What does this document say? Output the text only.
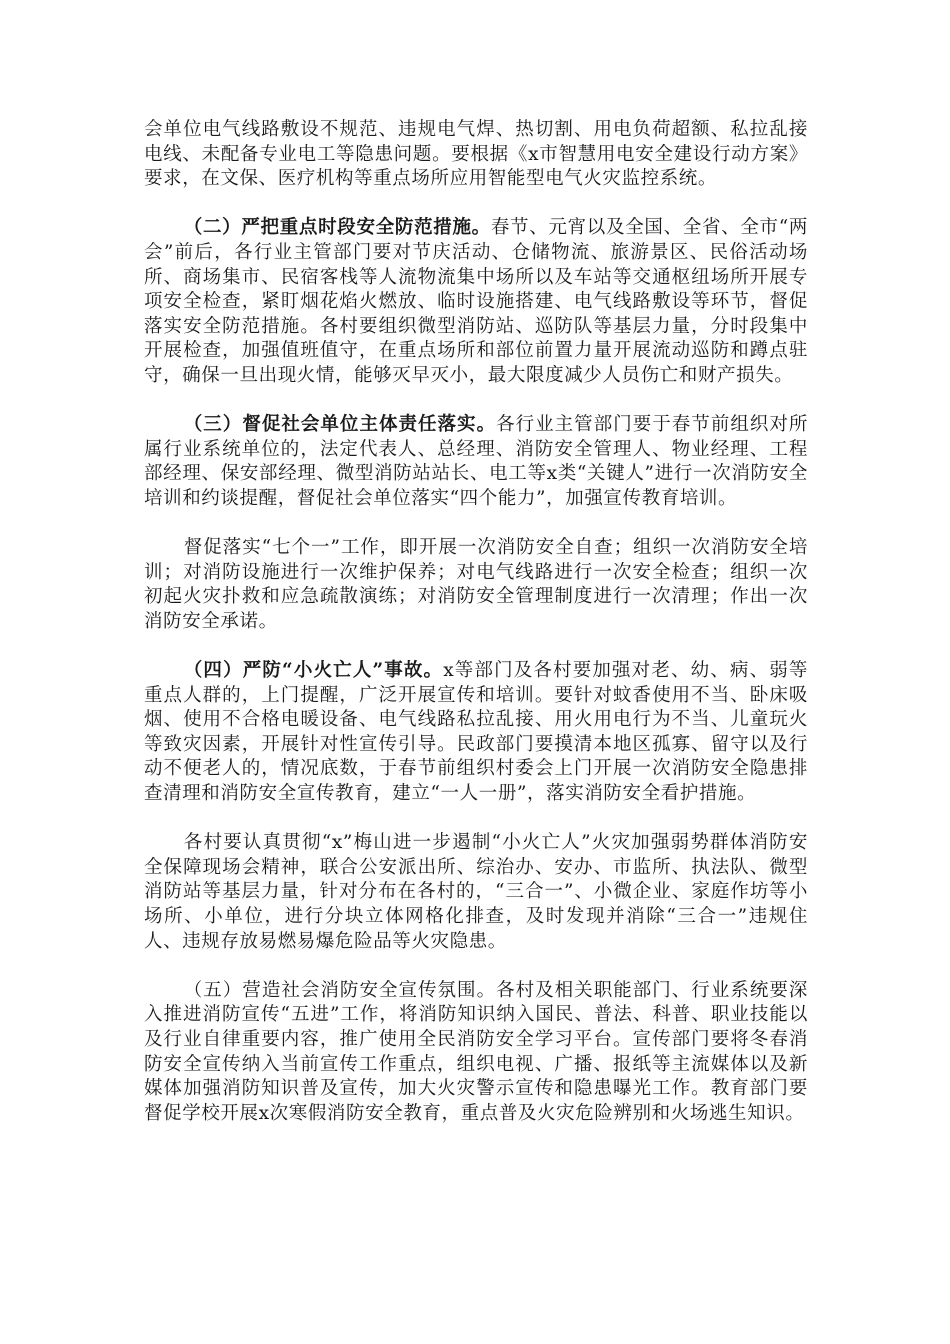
会单位电气线路敷设不规范、违规电气焊、热切割、用电负荷超额、私拉乱接电线、未配备专业电工等隐患问题。要根据《x市智慧用电安全建设行动方案》要求，在文保、医疗机构等重点场所应用智能型电气火灾监控系统。

（二）严把重点时段安全防范措施。春节、元宵以及全国、全省、全市“两会”前后，各行业主管部门要对节庆活动、仓储物流、旅游景区、民俗活动场所、商场集市、民宿客栈等人流物流集中场所以及车站等交通枢纽场所开展专项安全检查，紧盯烟花焰火燃放、临时设施搭建、电气线路敷设等环节，督促落实安全防范措施。各村要组织微型消防站、巡防队等基层力量，分时段集中开展检查，加强值班值守，在重点场所和部位前置力量开展流动巡防和蹲点驻守，确保一旦出现火情，能够灭早灭小，最大限度减少人员伤亡和财产损失。

（三）督促社会单位主体责任落实。各行业主管部门要于春节前组织对所属行业系统单位的，法定代表人、总经理、消防安全管理人、物业经理、工程部经理、保安部经理、微型消防站站长、电工等x类“关键人”进行一次消防安全培训和约谈提醒，督促社会单位落实“四个能力”，加强宣传教育培训。

督促落实“七个一”工作，即开展一次消防安全自查；组织一次消防安全培训；对消防设施进行一次维护保养；对电气线路进行一次安全检查；组织一次初起火灾扑救和应急疏散演练；对消防安全管理制度进行一次清理；作出一次消防安全承诺。

（四）严防“小火亡人”事故。x等部门及各村要加强对老、幼、病、弱等重点人群的，上门提醒，广泛开展宣传和培训。要针对蚊香使用不当、卧床吸烟、使用不合格电暖设备、电气线路私拉乱接、用火用电行为不当、儿童玩火等致灾因素，开展针对性宣传引导。民政部门要摸清本地区孤寡、留守以及行动不便老人的，情况底数，于春节前组织村委会上门开展一次消防安全隐患排查清理和消防安全宣传教育，建立“一人一册”，落实消防安全看护措施。

各村要认真贯彻“x”梅山进一步遏制“小火亡人”火灾加强弱势群体消防安全保障现场会精神，联合公安派出所、综治办、安办、市监所、执法队、微型消防站等基层力量，针对分布在各村的，“三合一”、小微企业、家庭作坊等小场所、小单位，进行分块立体网格化排查，及时发现并消除“三合一”违规住人、违规存放易燃易爆危险品等火灾隐患。

（五）营造社会消防安全宣传氛围。各村及相关职能部门、行业系统要深入推进消防宣传“五进”工作，将消防知识纳入国民、普法、科普、职业技能以及行业自律重要内容，推广使用全民消防安全学习平台。宣传部门要将冬春消防安全宣传纳入当前宣传工作重点，组织电视、广播、报纸等主流媒体以及新媒体加强消防知识普及宣传，加大火灾警示宣传和隐患曝光工作。教育部门要督促学校开展x次寒假消防安全教育，重点普及火灾危险辨别和火场逃生知识。
